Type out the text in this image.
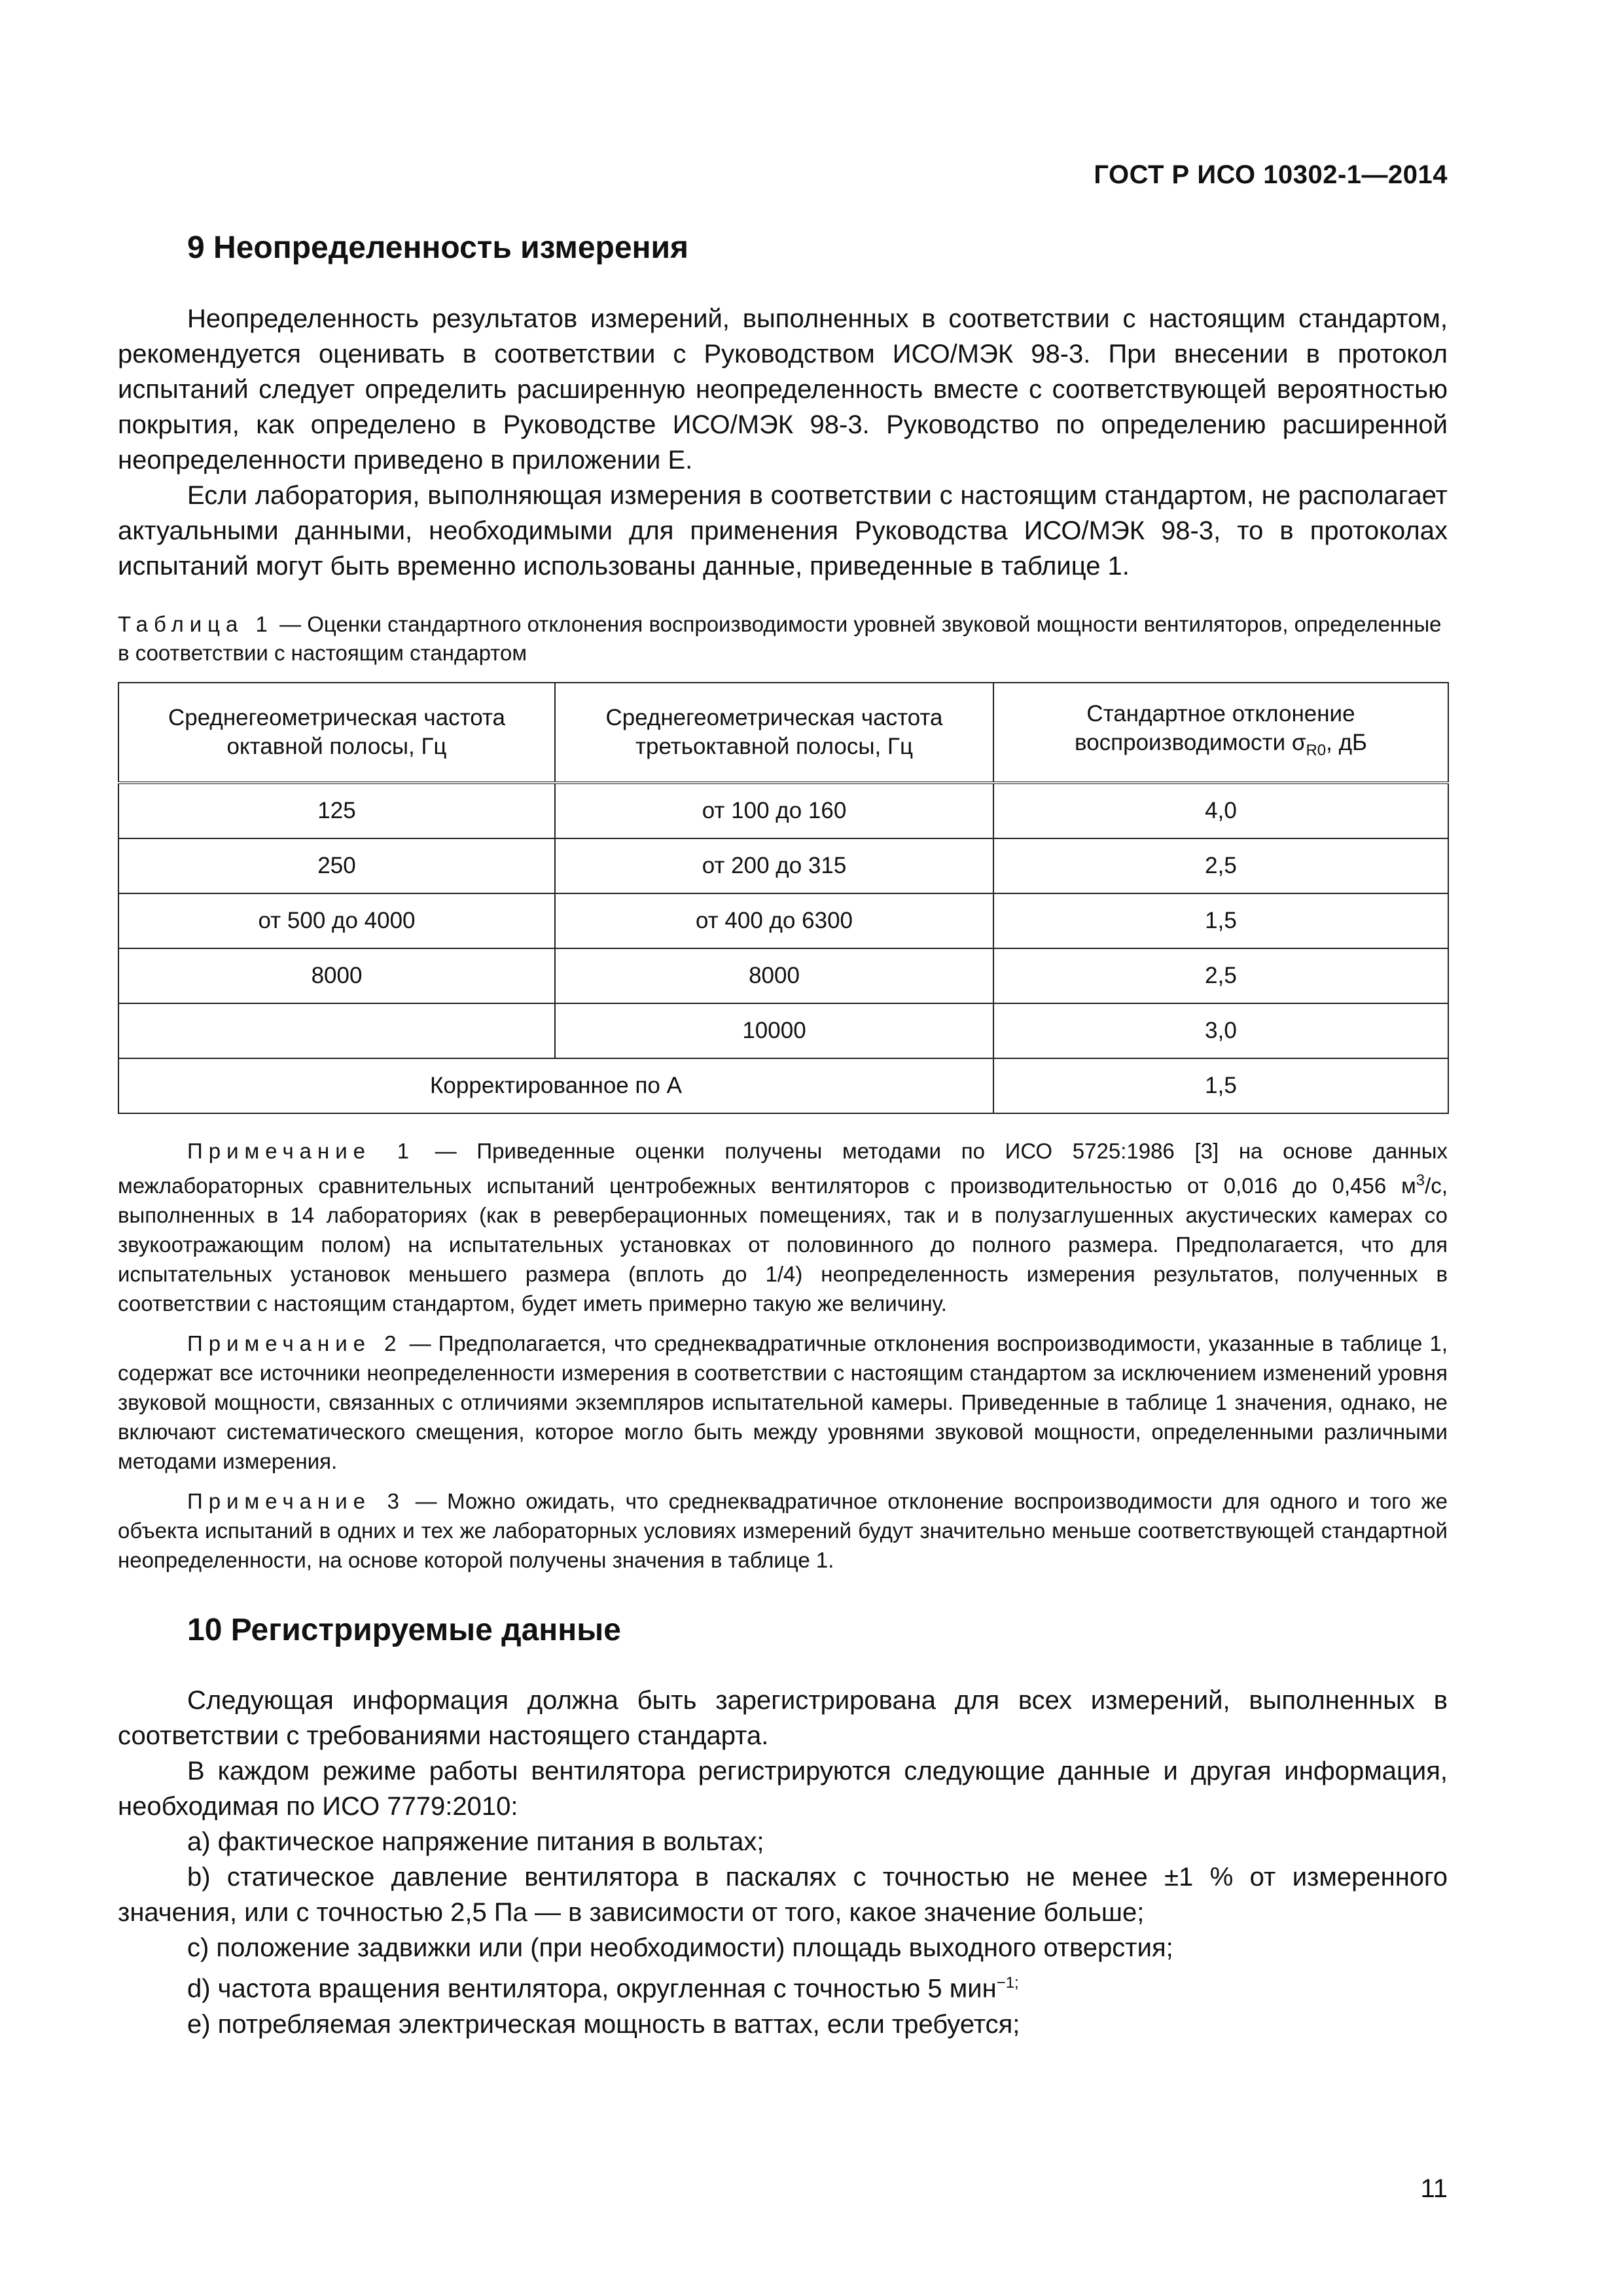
ГОСТ Р ИСО 10302-1—2014
9 Неопределенность измерения

Неопределенность результатов измерений, выполненных в соответствии с настоящим стандартом, рекомендуется оценивать в соответствии с Руководством ИСО/МЭК 98-3. При внесении в протокол испытаний следует определить расширенную неопределенность вместе с соответствующей вероятностью покрытия, как определено в Руководстве ИСО/МЭК 98-3. Руководство по определению расширенной неопределенности приведено в приложении Е.

Если лаборатория, выполняющая измерения в соответствии с настоящим стандартом, не располагает актуальными данными, необходимыми для применения Руководства ИСО/МЭК 98-3, то в протоколах испытаний могут быть временно использованы данные, приведенные в таблице 1.

Таблица 1 — Оценки стандартного отклонения воспроизводимости уровней звуковой мощности вентиляторов, определенные в соответствии с настоящим стандартом
Среднегеометрическая частота октавной полосы, Гц	Среднегеометрическая частота третьоктавной полосы, Гц	Стандартное отклонение воспроизводимости $\sigma_{R0}$, дБ
125	от 100 до 160	4,0
250	от 200 до 315	2,5
от 500 до 4000	от 400 до 6300	1,5
8000	8000	2,5
	10000	3,0
Корректированное по А		1,5
Примечание 1 — Приведенные оценки получены методами по ИСО 5725:1986 [3] на основе данных межлабораторных сравнительных испытаний центробежных вентиляторов с производительностью от 0,016 до 0,456 $м^3/с$, выполненных в 14 лабораториях (как в реверберационных помещениях, так и в полузаглушенных акустических камерах со звукоотражающим полом) на испытательных установках от половинного до полного размера. Предполагается, что для испытательных установок меньшего размера (вплоть до 1/4) неопределенность измерения результатов, полученных в соответствии с настоящим стандартом, будет иметь примерно такую же величину.
Примечание 2 — Предполагается, что среднеквадратичные отклонения воспроизводимости, указанные в таблице 1, содержат все источники неопределенности измерения в соответствии с настоящим стандартом за исключением изменений уровня звуковой мощности, связанных с отличиями экземпляров испытательной камеры. Приведенные в таблице 1 значения, однако, не включают систематического смещения, которое могло быть между уровнями звуковой мощности, определенными различными методами измерения.
Примечание 3 — Можно ожидать, что среднеквадратичное отклонение воспроизводимости для одного и того же объекта испытаний в одних и тех же лабораторных условиях измерений будут значительно меньше соответствующей стандартной неопределенности, на основе которой получены значения в таблице 1.
10 Регистрируемые данные

Следующая информация должна быть зарегистрирована для всех измерений, выполненных в соответствии с требованиями настоящего стандарта.

В каждом режиме работы вентилятора регистрируются следующие данные и другая информация, необходимая по ИСО 7779:2010:

а) фактическое напряжение питания в вольтах;

b) статическое давление вентилятора в паскалях с точностью не менее ±1 % от измеренного значения, или с точностью 2,5 Па — в зависимости от того, какое значение больше;

с) положение задвижки или (при необходимости) площадь выходного отверстия;

d) частота вращения вентилятора, округленная с точностью 5 мин$^{-1;}$

е) потребляемая электрическая мощность в ваттах, если требуется;

11
